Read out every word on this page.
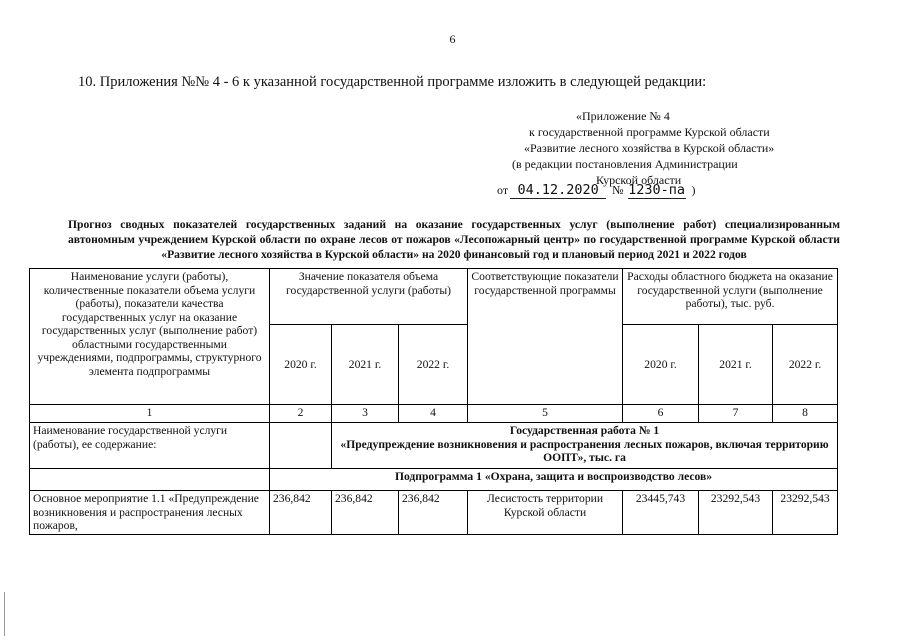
6
10. Приложения №№ 4 - 6 к указанной государственной программе изложить в следующей редакции:
«Приложение № 4
к государственной программе Курской области
«Развитие лесного хозяйства в Курской области»
(в редакции постановления Администрации
Курской области
от 04.12.2020 № 1230-па )
Прогноз сводных показателей государственных заданий на оказание государственных услуг (выполнение работ) специализированным автономным учреждением Курской области по охране лесов от пожаров «Лесопожарный центр» по государственной программе Курской области «Развитие лесного хозяйства в Курской области» на 2020 финансовый год и плановый период 2021 и 2022 годов
Наименование услуги (работы), количественные показатели объема услуги (работы), показатели качества государственных услуг на оказание государственных услуг (выполнение работ) областными государственными учреждениями, подпрограммы, структурного элемента подпрограммы	Значение показателя объема государственной услуги (работы)			Соответствующие показатели государственной программы	Расходы областного бюджета на оказание государственной услуги (выполнение работы), тыс. руб.		
	2020 г.	2021 г.	2022 г.		2020 г.	2021 г.	2022 г.
1	2	3	4	5	6	7	8
Наименование государственной услуги (работы), ее содержание:		Государственная работа № 1
«Предупреждение возникновения и распространения лесных пожаров, включая территорию ООПТ», тыс. га					

	Подпрограмма 1 «Охрана, защита и воспроизводство лесов»						
Основное мероприятие 1.1 «Предупреждение возникновения и распространения лесных пожаров,	236,842	236,842	236,842	Лесистость территории Курской области	23445,743	23292,543	23292,543
